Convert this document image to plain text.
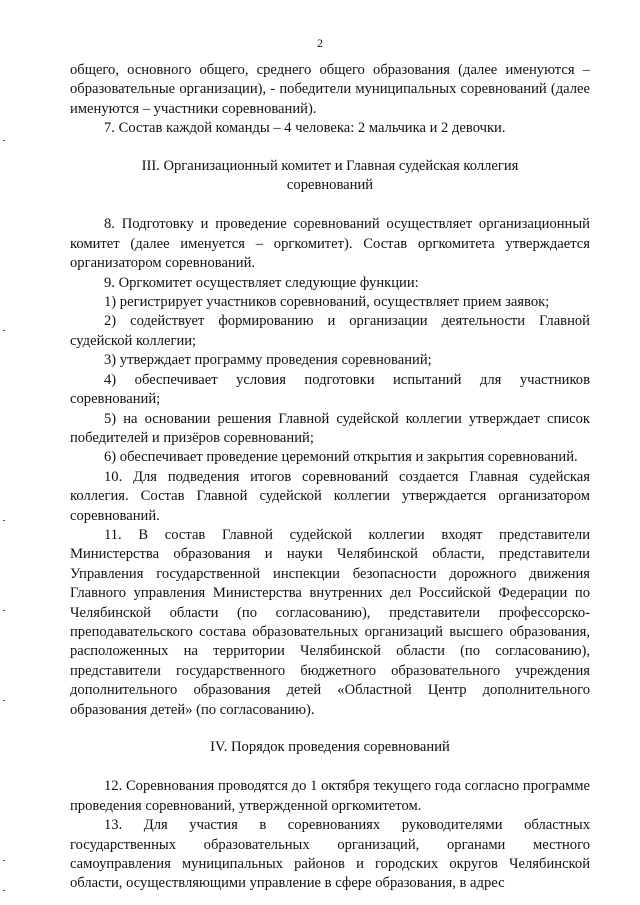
2

общего, основного общего, среднего общего образования (далее именуются – образовательные организации), - победители муниципальных соревнований (далее именуются – участники соревнований).

7. Состав каждой команды – 4 человека: 2 мальчика и 2 девочки.

III. Организационный комитет и Главная судейская коллегия

соревнований

8. Подготовку и проведение соревнований осуществляет организационный комитет (далее именуется – оргкомитет). Состав оргкомитета утверждается организатором соревнований.

9. Оргкомитет осуществляет следующие функции:

1) регистрирует участников соревнований, осуществляет прием заявок;

2) содействует формированию и организации деятельности Главной судейской коллегии;

3) утверждает программу проведения соревнований;

4) обеспечивает условия подготовки испытаний для участников соревнований;

5) на основании решения Главной судейской коллегии утверждает список победителей и призёров соревнований;

6) обеспечивает проведение церемоний открытия и закрытия соревнований.

10. Для подведения итогов соревнований создается Главная судейская коллегия. Состав Главной судейской коллегии утверждается организатором соревнований.

11. В состав Главной судейской коллегии входят представители Министерства образования и науки Челябинской области, представители Управления государственной инспекции безопасности дорожного движения Главного управления Министерства внутренних дел Российской Федерации по Челябинской области (по согласованию), представители профессорско-преподавательского состава образовательных организаций высшего образования, расположенных на территории Челябинской области (по согласованию), представители государственного бюджетного образовательного учреждения дополнительного образования детей «Областной Центр дополнительного образования детей» (по согласованию).

IV. Порядок проведения соревнований

12. Соревнования проводятся до 1 октября текущего года согласно программе проведения соревнований, утвержденной оргкомитетом.

13. Для участия в соревнованиях руководителями областных государственных образовательных организаций, органами местного самоуправления муниципальных районов и городских округов Челябинской области, осуществляющими управление в сфере образования, в адрес
